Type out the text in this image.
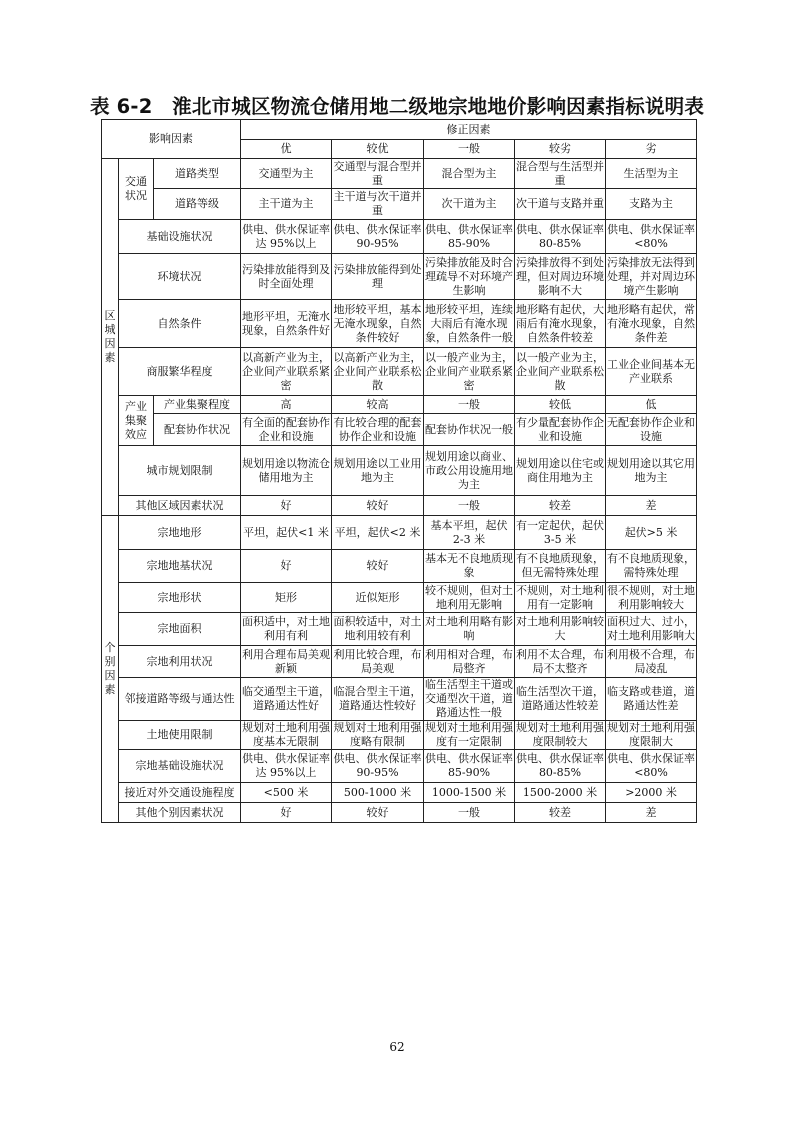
表 6-2　淮北市城区物流仓储用地二级地宗地地价影响因素指标说明表
影响因素			修正因素				
			优	较优	一般	较劣	劣
区城因素	交通状况	道路类型	交通型为主	交通型与混合型并重	混合型为主	混合型与生活型并重	生活型为主
		道路等级	主干道为主	主干道与次干道并重	次干道为主	次干道与支路并重	支路为主
	基础设施状况		供电、供水保证率达 95%以上	供电、供水保证率 90-95%	供电、供水保证率 85-90%	供电、供水保证率 80-85%	供电、供水保证率 <80%
	环境状况		污染排放能得到及时全面处理	污染排放能得到处理	污染排放能及时合理疏导不对环境产生影响	污染排放得不到处理，但对周边环境影响不大	污染排放无法得到处理，并对周边环境产生影响
	自然条件		地形平坦，无淹水现象，自然条件好	地形较平坦，基本无淹水现象，自然条件较好	地形较平坦，连续大雨后有淹水现象，自然条件一般	地形略有起伏，大雨后有淹水现象，自然条件较差	地形略有起伏，常有淹水现象，自然条件差
	商服繁华程度		以高新产业为主，企业间产业联系紧密	以高新产业为主，企业间产业联系松散	以一般产业为主，企业间产业联系紧密	以一般产业为主，企业间产业联系松散	工业企业间基本无产业联系
	产业集聚效应	产业集聚程度	高	较高	一般	较低	低
		配套协作状况	有全面的配套协作企业和设施	有比较合理的配套协作企业和设施	配套协作状况一般	有少量配套协作企业和设施	无配套协作企业和设施
	城市规划限制		规划用途以物流仓储用地为主	规划用途以工业用地为主	规划用途以商业、市政公用设施用地为主	规划用途以住宅或商住用地为主	规划用途以其它用地为主
	其他区域因素状况		好	较好	一般	较差	差
个别因素	宗地地形		平坦，起伏<1 米	平坦，起伏<2 米	基本平坦，起伏 2-3 米	有一定起伏，起伏 3-5 米	起伏>5 米
	宗地地基状况		好	较好	基本无不良地质现象	有不良地质现象，但无需特殊处理	有不良地质现象，需特殊处理
	宗地形状		矩形	近似矩形	较不规则，但对土地利用无影响	不规则，对土地利用有一定影响	很不规则，对土地利用影响较大
	宗地面积		面积适中，对土地利用有利	面积较适中，对土地利用较有利	对土地利用略有影响	对土地利用影响较大	面积过大、过小，对土地利用影响大
	宗地利用状况		利用合理布局美观新颖	利用比较合理，布局美观	利用相对合理，布局整齐	利用不太合理，布局不太整齐	利用极不合理，布局凌乱
	邻接道路等级与通达性		临交通型主干道，道路通达性好	临混合型主干道，道路通达性较好	临生活型主干道或交通型次干道，道路通达性一般	临生活型次干道，道路通达性较差	临支路或巷道，道路通达性差
	土地使用限制		规划对土地利用强度基本无限制	规划对土地利用强度略有限制	规划对土地利用强度有一定限制	规划对土地利用强度限制较大	规划对土地利用强度限制大
	宗地基础设施状况		供电、供水保证率达 95%以上	供电、供水保证率 90-95%	供电、供水保证率 85-90%	供电、供水保证率 80-85%	供电、供水保证率 <80%
	接近对外交通设施程度		<500 米	500-1000 米	1000-1500 米	1500-2000 米	>2000 米
	其他个别因素状况		好	较好	一般	较差	差
62
